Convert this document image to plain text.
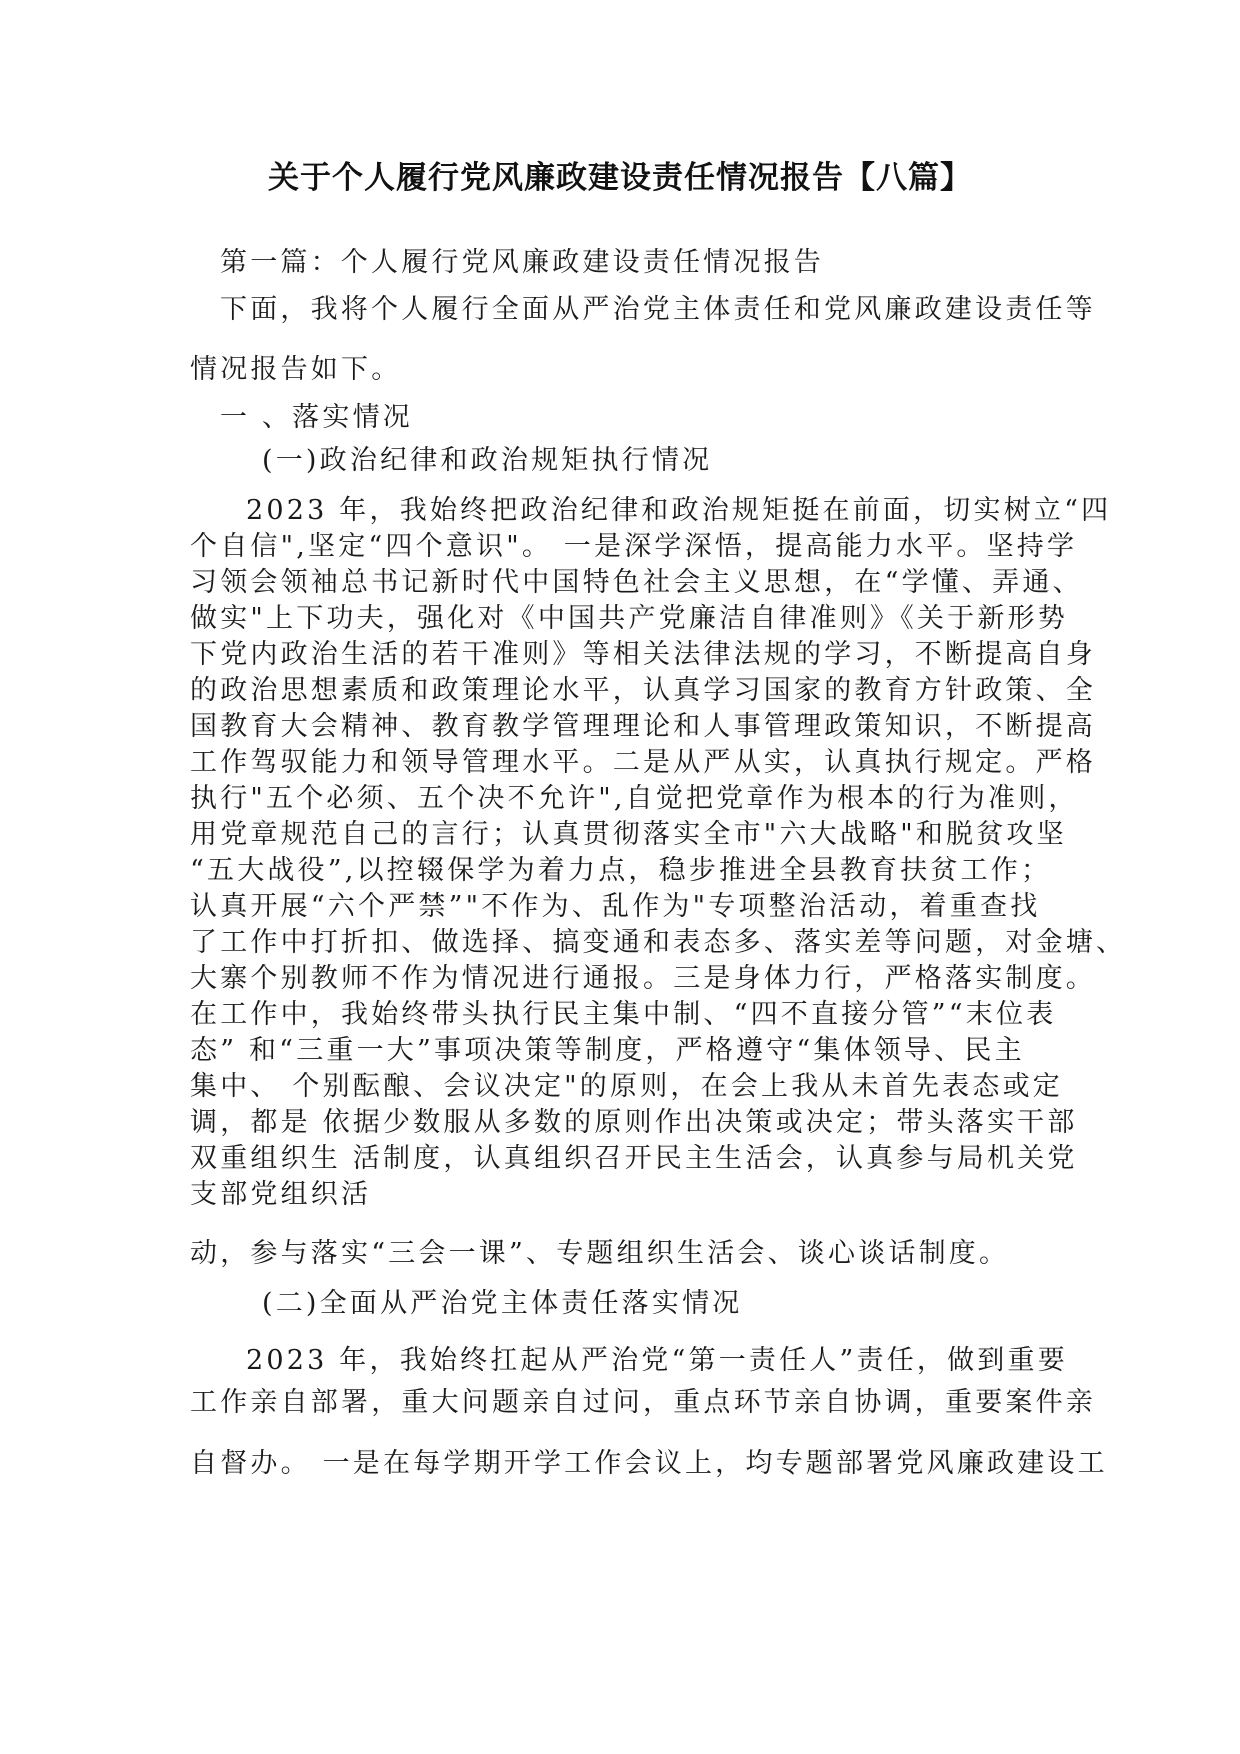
关于个人履行党风廉政建设责任情况报告【八篇】
第一篇：个人履行党风廉政建设责任情况报告
下面，我将个人履行全面从严治党主体责任和党风廉政建设责任等
情况报告如下。
一 、落实情况
(一)政治纪律和政治规矩执行情况
2023 年，我始终把政治纪律和政治规矩挺在前面，切实树立“四
个自信",坚定“四个意识"。 一是深学深悟，提高能力水平。坚持学
习领会领袖总书记新时代中国特色社会主义思想，在“学懂、弄通、
做实"上下功夫，强化对《中国共产党廉洁自律准则》《关于新形势
下党内政治生活的若干准则》等相关法律法规的学习，不断提高自身
的政治思想素质和政策理论水平，认真学习国家的教育方针政策、全
国教育大会精神、教育教学管理理论和人事管理政策知识，不断提高
工作驾驭能力和领导管理水平。二是从严从实，认真执行规定。严格
执行"五个必须、五个决不允许",自觉把党章作为根本的行为准则，
用党章规范自己的言行；认真贯彻落实全市"六大战略"和脱贫攻坚
“五大战役”,以控辍保学为着力点，稳步推进全县教育扶贫工作；
认真开展“六个严禁”"不作为、乱作为"专项整治活动，着重查找
了工作中打折扣、做选择、搞变通和表态多、落实差等问题，对金塘、
大寨个别教师不作为情况进行通报。三是身体力行，严格落实制度。
在工作中，我始终带头执行民主集中制、“四不直接分管”“末位表
态” 和“三重一大”事项决策等制度，严格遵守“集体领导、民主
集中、 个别酝酿、会议决定"的原则，在会上我从未首先表态或定
调，都是 依据少数服从多数的原则作出决策或决定；带头落实干部
双重组织生 活制度，认真组织召开民主生活会，认真参与局机关党
支部党组织活
动，参与落实“三会一课”、专题组织生活会、谈心谈话制度。
(二)全面从严治党主体责任落实情况
2023 年，我始终扛起从严治党“第一责任人”责任，做到重要
工作亲自部署，重大问题亲自过问，重点环节亲自协调，重要案件亲
自督办。 一是在每学期开学工作会议上，均专题部署党风廉政建设工
